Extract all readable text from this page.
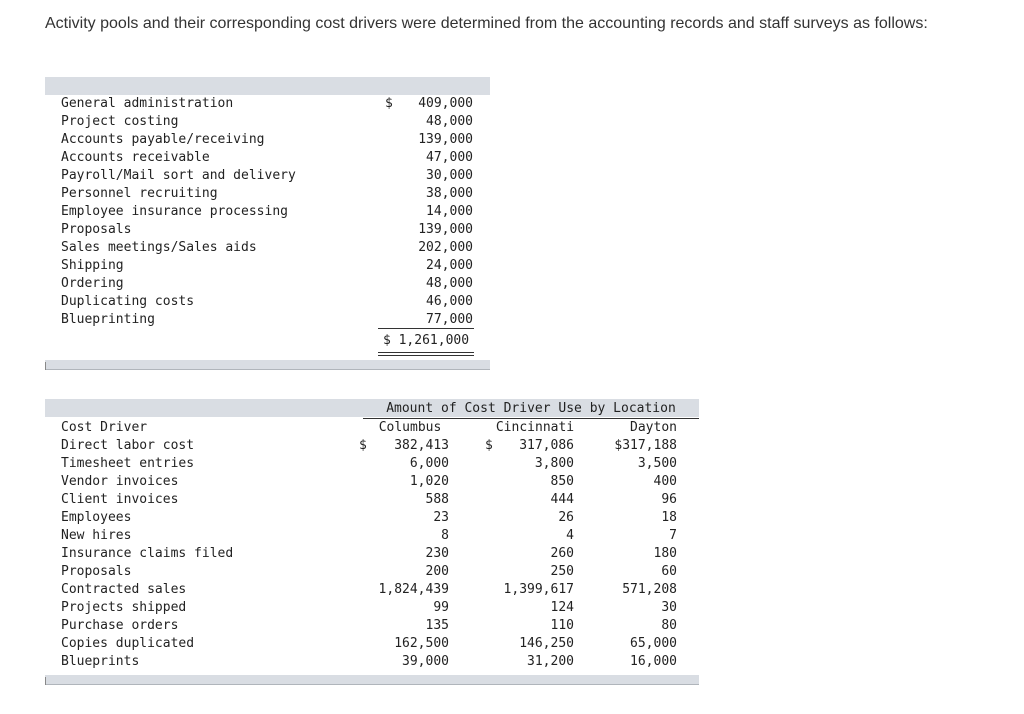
Activity pools and their corresponding cost drivers were determined from the accounting records and staff surveys as follows:
General administration	$ 409,000
Project costing	48,000
Accounts payable/receiving	139,000
Accounts receivable	47,000
Payroll/Mail sort and delivery	30,000
Personnel recruiting	38,000
Employee insurance processing	14,000
Proposals	139,000
Sales meetings/Sales aids	202,000
Shipping	24,000
Ordering	48,000
Duplicating costs	46,000
Blueprinting	77,000
$ 1,261,000
Amount of Cost Driver Use by Location
Cost Driver	Columbus	Cincinnati	Dayton
Direct labor cost	$ 382,413	$ 317,086	$317,188
Timesheet entries	6,000	3,800	3,500
Vendor invoices	1,020	850	400
Client invoices	588	444	96
Employees	23	26	18
New hires	8	4	7
Insurance claims filed	230	260	180
Proposals	200	250	60
Contracted sales	1,824,439	1,399,617	571,208
Projects shipped	99	124	30
Purchase orders	135	110	80
Copies duplicated	162,500	146,250	65,000
Blueprints	39,000	31,200	16,000
